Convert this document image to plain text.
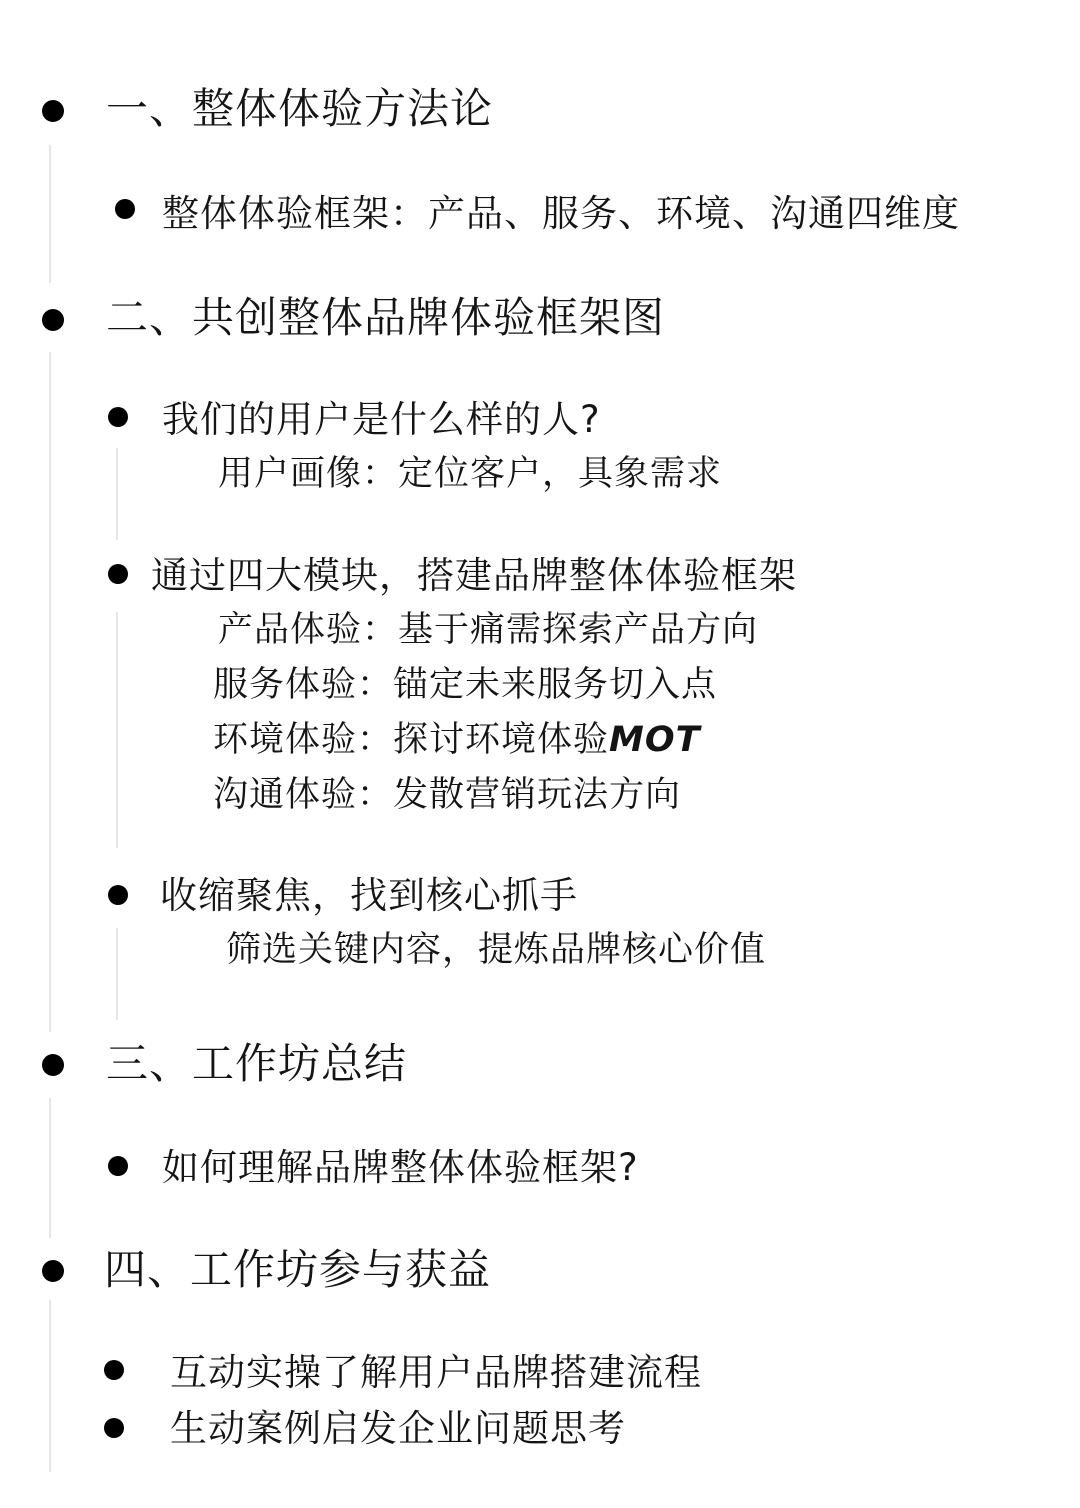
一、整体体验方法论
整体体验框架：产品、服务、环境、沟通四维度
二、共创整体品牌体验框架图
我们的用户是什么样的人?
用户画像：定位客户，具象需求
通过四大模块，搭建品牌整体体验框架
产品体验：基于痛需探索产品方向
服务体验：锚定未来服务切入点
环境体验：探讨环境体验MOT
沟通体验：发散营销玩法方向
收缩聚焦，找到核心抓手
筛选关键内容，提炼品牌核心价值
三、工作坊总结
如何理解品牌整体体验框架?
四、工作坊参与获益
互动实操了解用户品牌搭建流程
生动案例启发企业问题思考
